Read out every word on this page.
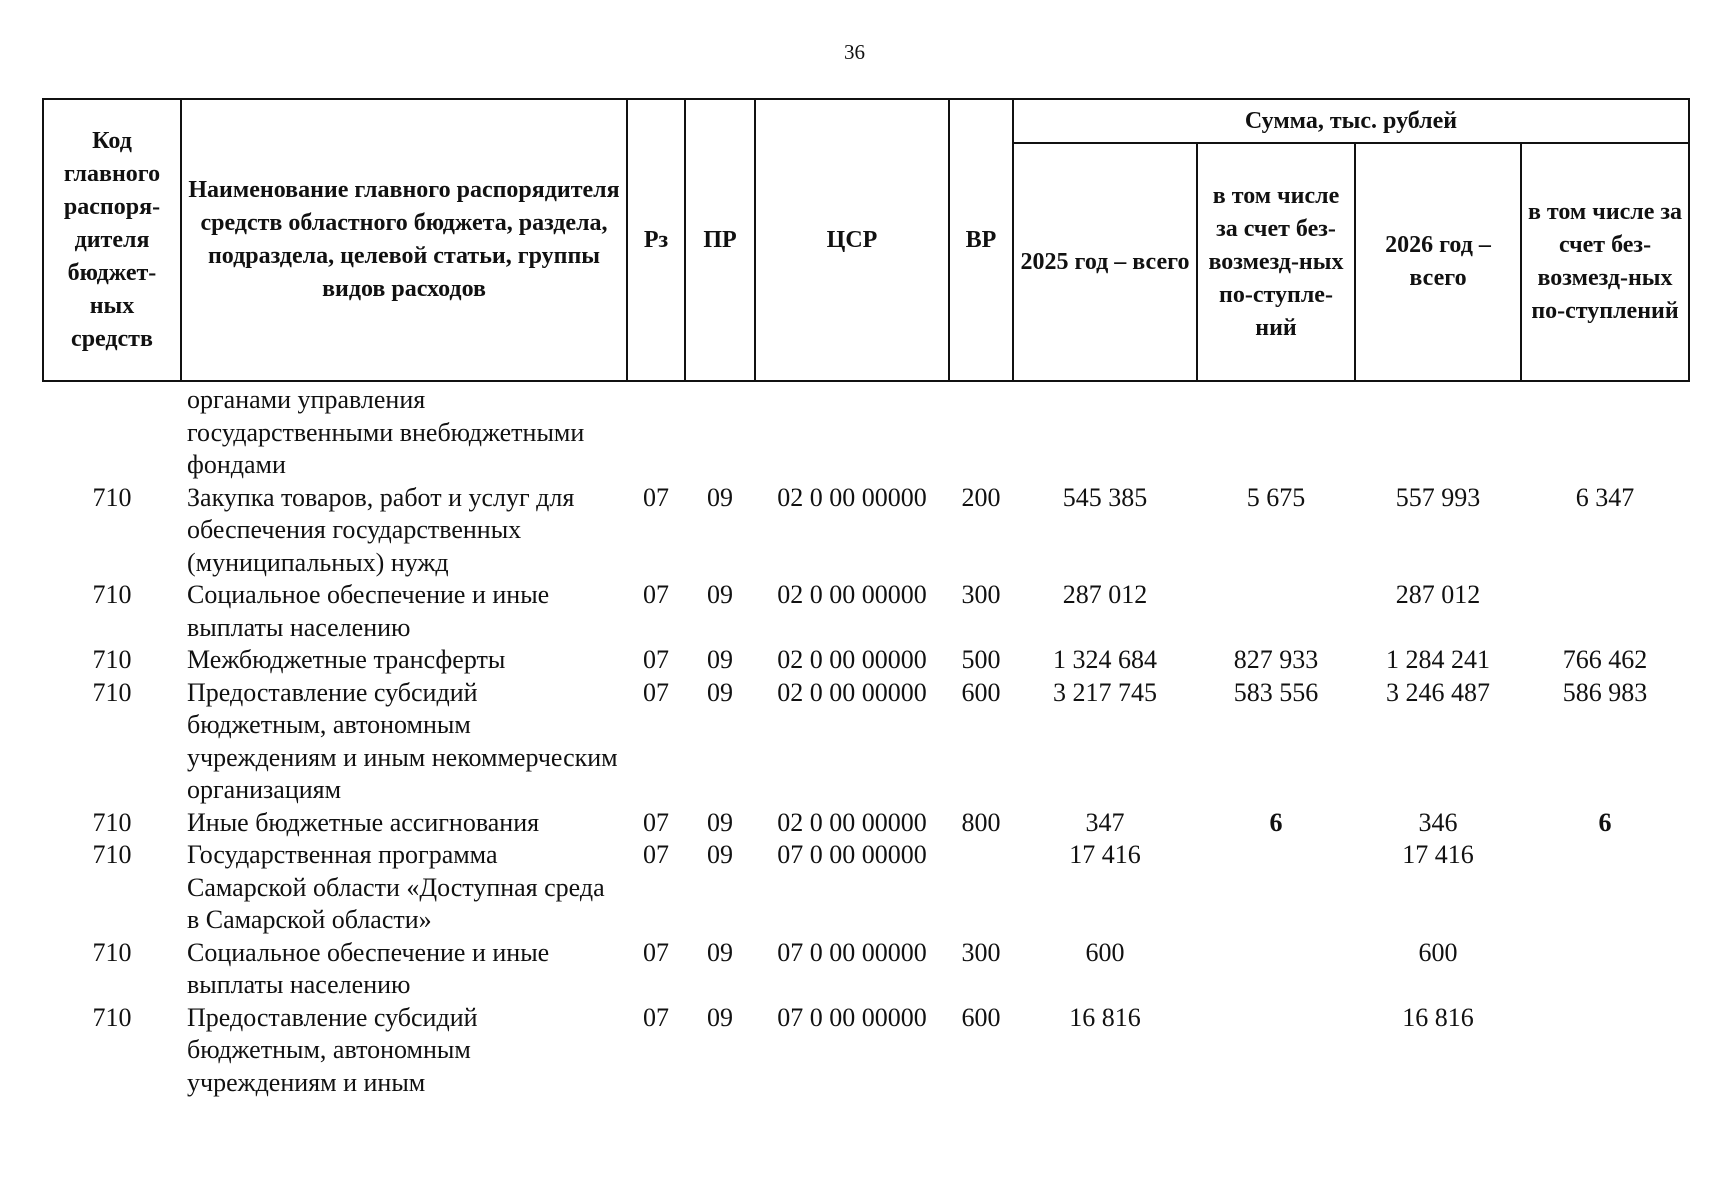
36
Код главного распоря-дителя бюджет-ных средств	Наименование главного распорядителя средств областного бюджета, раздела, подраздела, целевой статьи, группы видов расходов	Рз	ПР	ЦСР	ВР	Сумма, тыс. рублей			
						2025 год – всего	в том числе за счет без-возмезд-ных по-ступле-ний	2026 год – всего	в том числе за счет без-возмезд-ных по-ступлений
	органами управления государственными внебюджетными фондами								
710	Закупка товаров, работ и услуг для обеспечения государственных (муниципальных) нужд	07	09	02 0 00 00000	200	545 385	5 675	557 993	6 347
710	Социальное обеспечение и иные выплаты населению	07	09	02 0 00 00000	300	287 012		287 012	
710	Межбюджетные трансферты	07	09	02 0 00 00000	500	1 324 684	827 933	1 284 241	766 462
710	Предоставление субсидий бюджетным, автономным учреждениям и иным некоммерческим организациям	07	09	02 0 00 00000	600	3 217 745	583 556	3 246 487	586 983
710	Иные бюджетные ассигнования	07	09	02 0 00 00000	800	347	6	346	6
710	Государственная программа Самарской области «Доступная среда в Самарской области»	07	09	07 0 00 00000		17 416		17 416	
710	Социальное обеспечение и иные выплаты населению	07	09	07 0 00 00000	300	600		600	
710	Предоставление субсидий бюджетным, автономным учреждениям и иным	07	09	07 0 00 00000	600	16 816		16 816	
